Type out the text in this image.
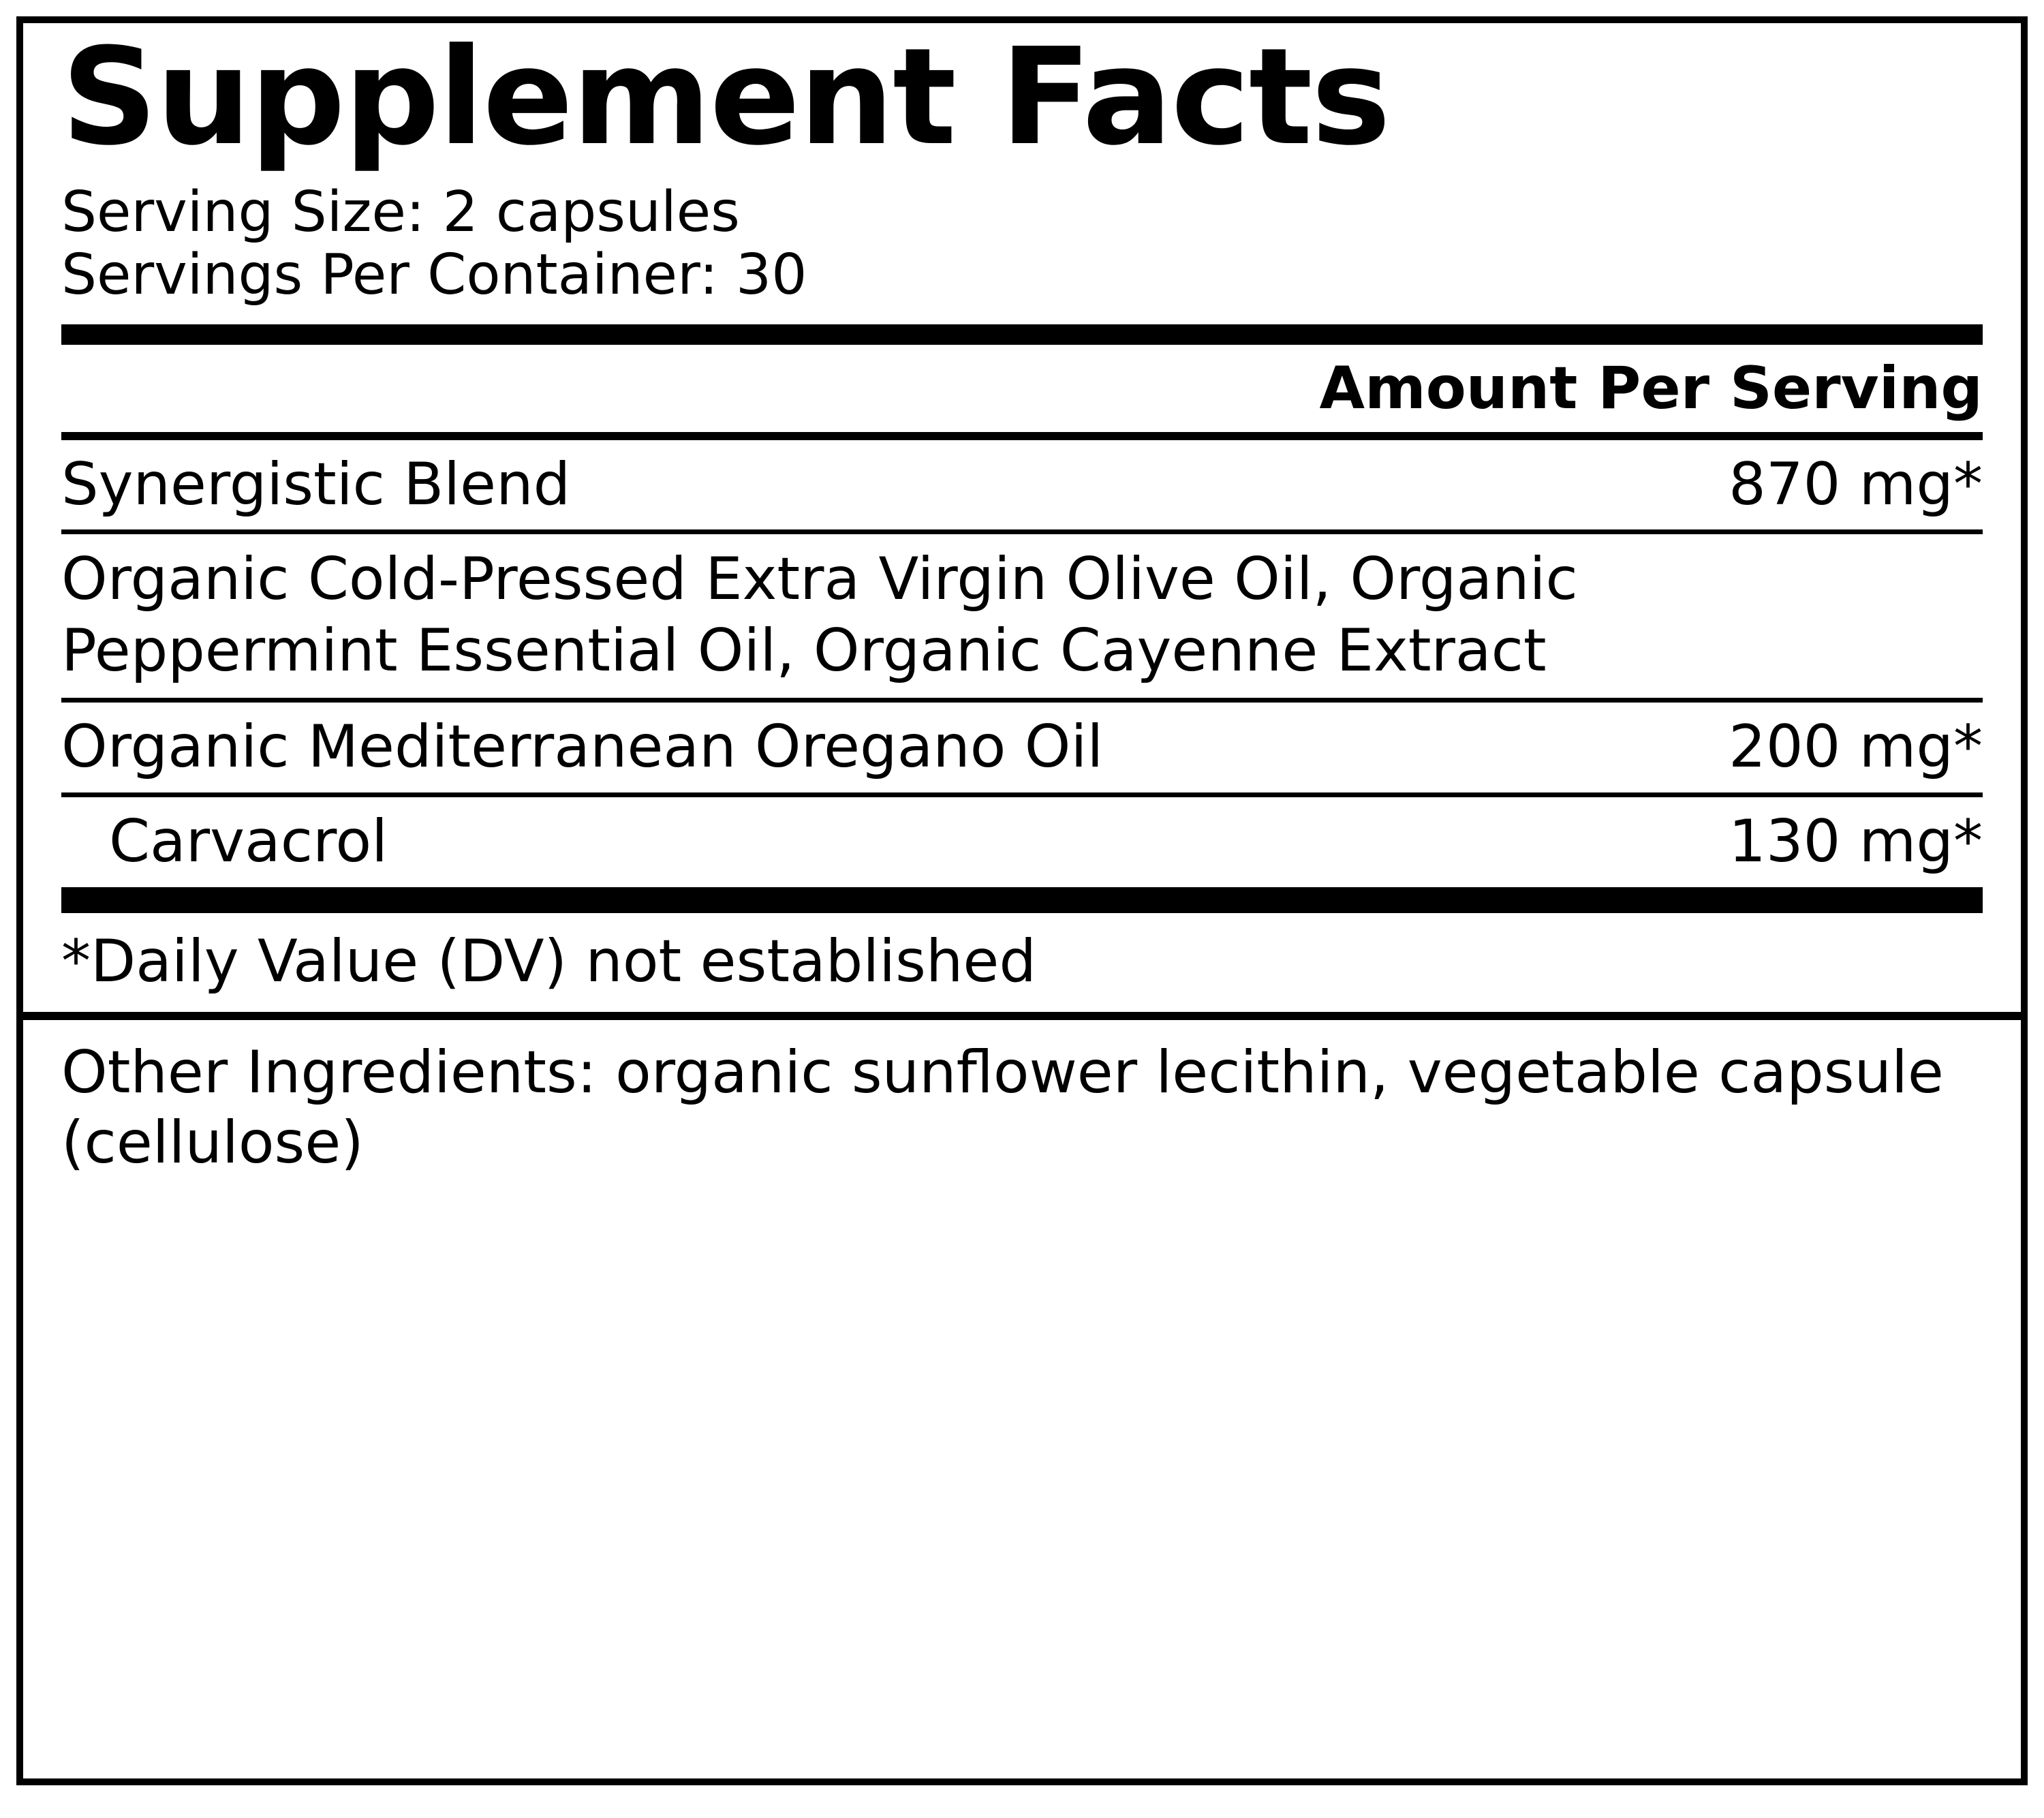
Supplement Facts
Serving Size: 2 capsules
Servings Per Container: 30
Amount Per Serving
Synergistic Blend	870 mg*
Organic Cold-Pressed Extra Virgin Olive Oil, Organic Peppermint Essential Oil, Organic Cayenne Extract
Organic Mediterranean Oregano Oil	200 mg*
Carvacrol	130 mg*
*Daily Value (DV) not established
Other Ingredients: organic sunflower lecithin, vegetable capsule (cellulose)
